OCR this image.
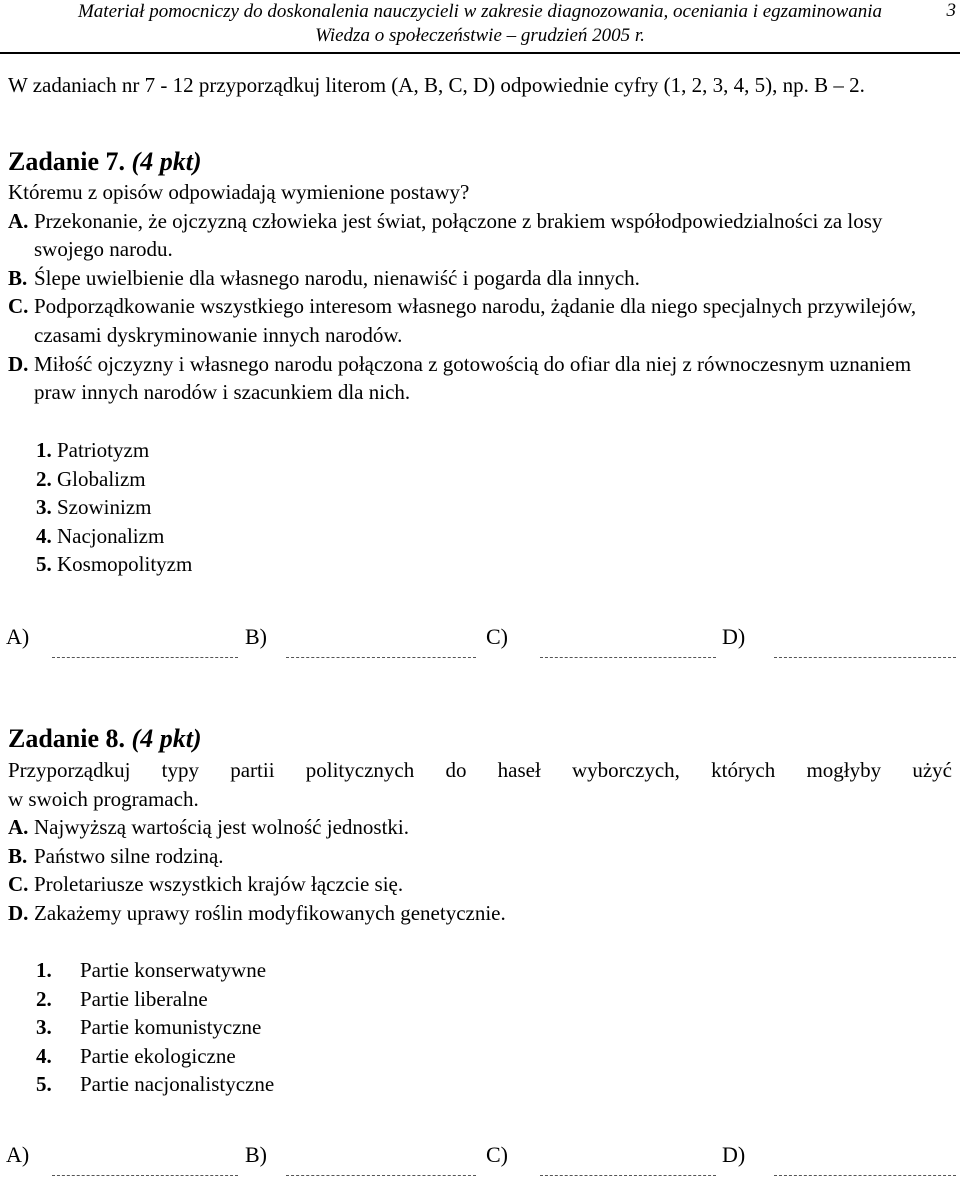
Materiał pomocniczy do doskonalenia nauczycieli w zakresie diagnozowania, oceniania i egzaminowania
Wiedza o społeczeństwie – grudzień 2005 r.
3
W zadaniach nr 7 - 12 przyporządkuj literom (A, B, C, D) odpowiednie cyfry (1, 2, 3, 4, 5), np. B – 2.
Zadanie 7. (4 pkt)
Któremu z opisów odpowiadają wymienione postawy?
A. Przekonanie, że ojczyzną człowieka jest świat, połączone z brakiem współodpowiedzialności za losy swojego narodu.
B. Ślepe uwielbienie dla własnego narodu, nienawiść i pogarda dla innych.
C. Podporządkowanie wszystkiego interesom własnego narodu, żądanie dla niego specjalnych przywilejów, czasami dyskryminowanie innych narodów.
D. Miłość ojczyzny i własnego narodu połączona z gotowością do ofiar dla niej z równoczesnym uznaniem praw innych narodów i szacunkiem dla nich.
1. Patriotyzm
2. Globalizm
3. Szowinizm
4. Nacjonalizm
5. Kosmopolityzm
A)	B)	C)	D)
Zadanie 8. (4 pkt)
Przyporządkuj typy partii politycznych do haseł wyborczych, których mogłyby użyć
w swoich programach.
A. Najwyższą wartością jest wolność jednostki.
B. Państwo silne rodziną.
C. Proletariusze wszystkich krajów łączcie się.
D. Zakażemy uprawy roślin modyfikowanych genetycznie.
1. Partie konserwatywne
2. Partie liberalne
3. Partie komunistyczne
4. Partie ekologiczne
5. Partie nacjonalistyczne
A)	B)	C)	D)
